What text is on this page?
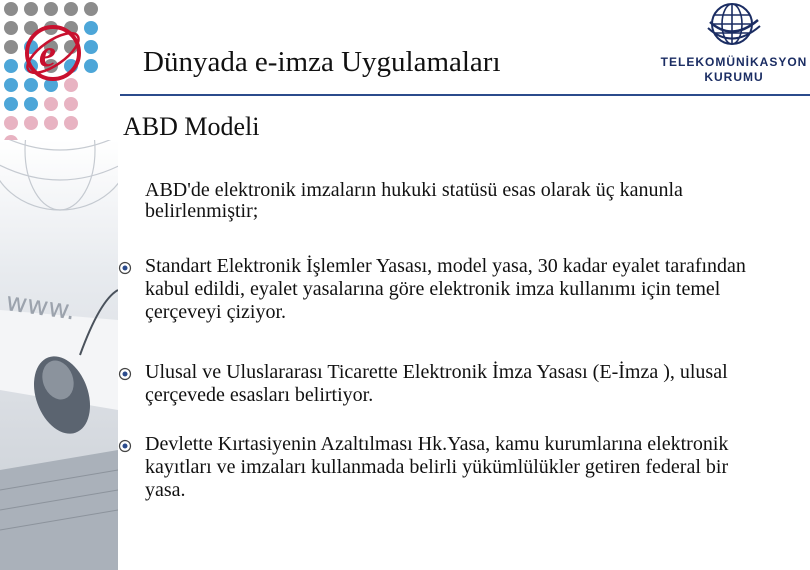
www.
e	Dünyada e-imza Uygulamaları	TELEKOMÜNİKASYON
KURUMU
ABD Modeli
ABD'de elektronik imzaların hukuki statüsü esas olarak üç kanunla belirlenmiştir;
Standart Elektronik İşlemler Yasası, model yasa, 30 kadar eyalet tarafından kabul edildi, eyalet yasalarına göre elektronik imza kullanımı için temel çerçeveyi çiziyor.
Ulusal ve Uluslararası Ticarette Elektronik İmza Yasası (E-İmza ), ulusal çerçevede esasları belirtiyor.
Devlette Kırtasiyenin Azaltılması Hk.Yasa, kamu kurumlarına elektronik kayıtları ve imzaları kullanmada belirli yükümlülükler getiren federal bir yasa.
